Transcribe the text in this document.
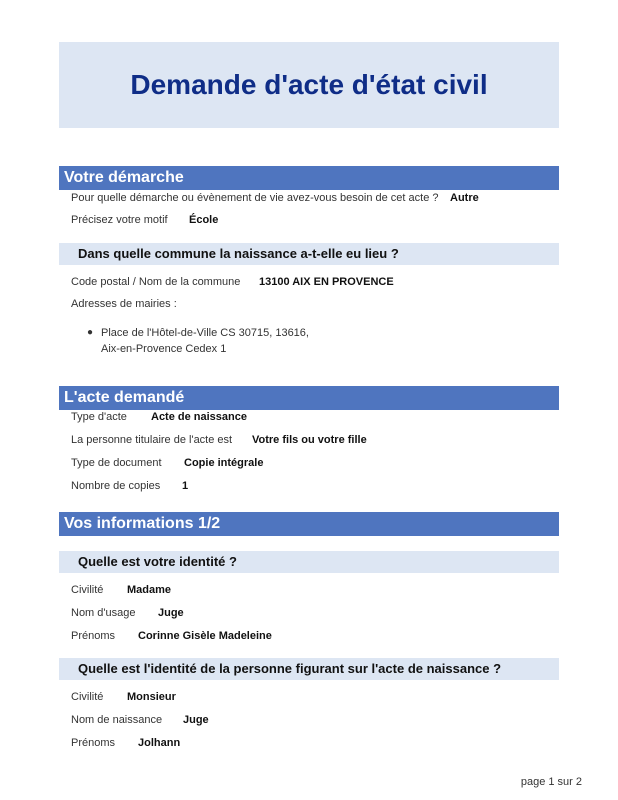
Demande d'acte d'état civil
Votre démarche
Pour quelle démarche ou évènement de vie avez-vous besoin de cet acte ? Autre
Précisez votre motif École
Dans quelle commune la naissance a-t-elle eu lieu ?
Code postal / Nom de la commune 13100 AIX EN PROVENCE
Adresses de mairies :
● Place de l'Hôtel-de-Ville CS 30715, 13616,
Aix-en-Provence Cedex 1
L'acte demandé
Type d'acte Acte de naissance
La personne titulaire de l'acte est Votre fils ou votre fille
Type de document Copie intégrale
Nombre de copies 1
Vos informations 1/2
Quelle est votre identité ?
Civilité Madame
Nom d'usage Juge
Prénoms Corinne Gisèle Madeleine
Quelle est l'identité de la personne figurant sur l'acte de naissance ?
Civilité Monsieur
Nom de naissance Juge
Prénoms Jolhann
page 1 sur 2
